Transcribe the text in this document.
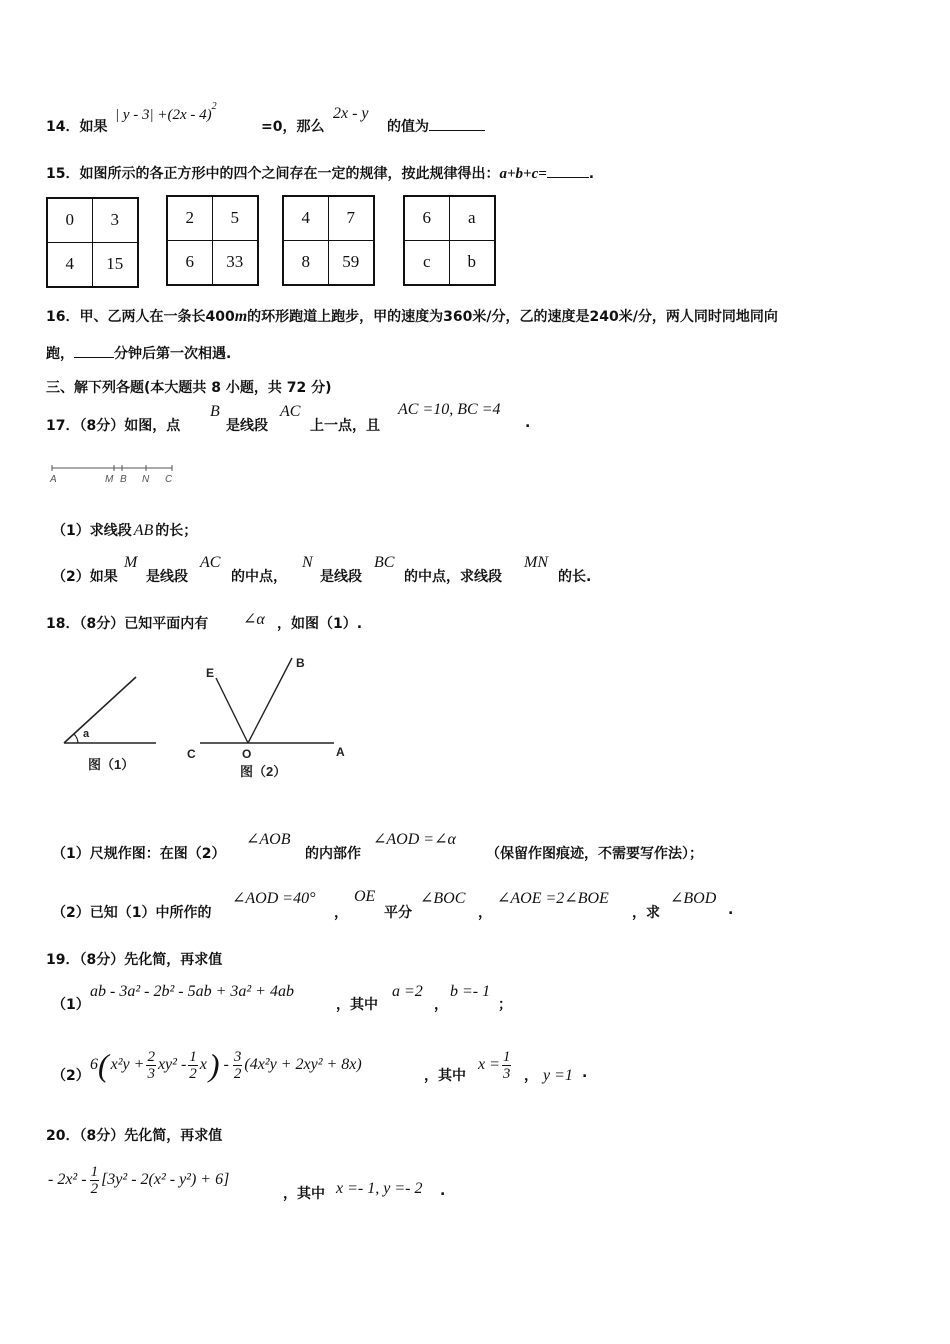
14．如果
| y - 3| +(2x - 4)$^2$
=0，那么
2x - y
的值为
15．如图所示的各正方形中的四个之间存在一定的规律，按此规律得出：a+b+c=	.
0	3
4	15
2	5
6	33
4	7
8	59
6	a
c	b
16．甲、乙两人在一条长400m的环形跑道上跑步，甲的速度为360米/分，乙的速度是240米/分，两人同时同地同向
跑，	分钟后第一次相遇.
三、解下列各题(本大题共 8 小题，共 72 分)
17．（8分）如图，点
B
是线段
AC
上一点，且
AC =10, BC =4
.
A	M B N C
（1）求线段 AB 的长；
（2）如果
M
是线段
AC
的中点，
N
是线段
BC
的中点，求线段
MN
的长.
18．（8分）已知平面内有 ∠α ，如图（1）.
a
图（1）
E
B
C	O	A
图（2）
（1）尺规作图：在图（2）
∠AOB
的内部作
∠AOD =∠α
（保留作图痕迹，不需要写作法）；
（2）已知（1）中所作的
∠AOD =40°
，
OE
平分
∠BOC
，
∠AOE =2∠BOE
，求
∠BOD
.
19．（8分）先化简，再求值
（1）
ab - 3a² - 2b² - 5ab + 3a² + 4ab
，其中
a =2
，
b =- 1
；
（2）
6 ( $x^2y + \frac{2}{3} xy^2 - \frac{1}{2}$ x ) - $\frac{3}{2} (4x^2y + 2xy^2 + 8x)$
，其中
$x = \frac{1}{3}$ ， y =1 .
20．（8分）先化简，再求值
- $2x^2 - \frac{1}{2} [3y^2 - 2(x^2 - y^2) + 6]$
，其中 x =- 1, y =- 2 .
